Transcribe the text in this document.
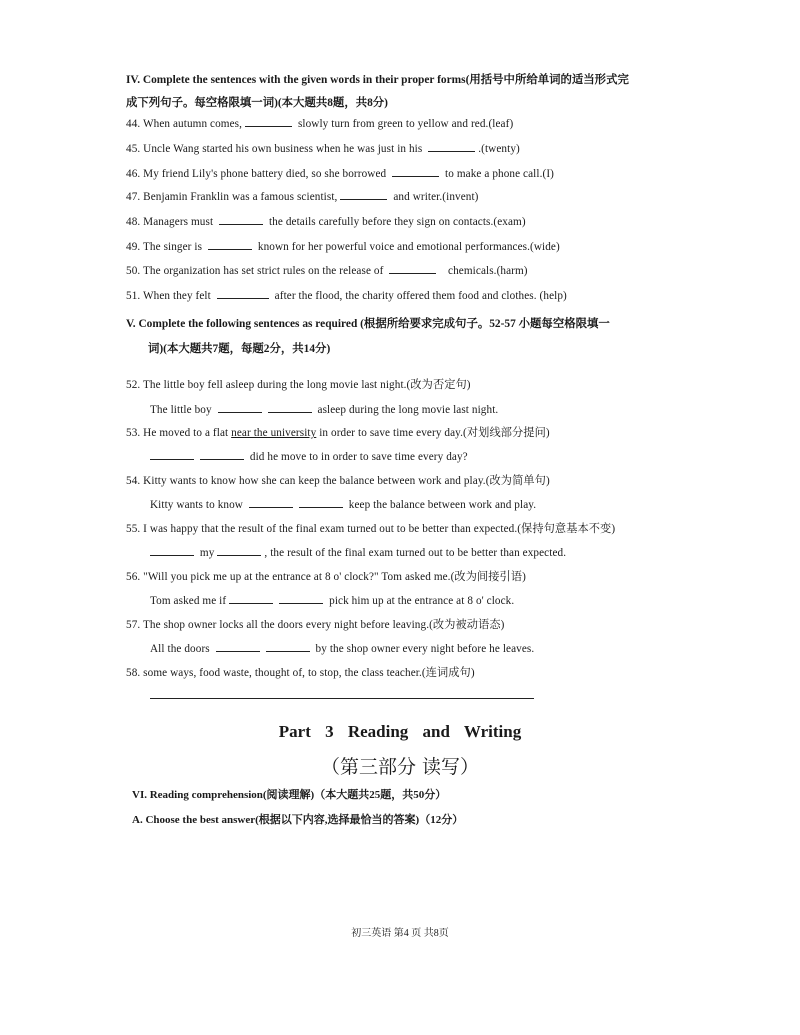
IV. Complete the sentences with the given words in their proper forms(用括号中所给单词的适当形式完
成下列句子。每空格限填一词)(本大题共8题，共8分)
44. When autumn comes,	slowly turn from green to yellow and red.(leaf)
45. Uncle Wang started his own business when he was just in his	.(twenty)
46. My friend Lily's phone battery died, so she borrowed	to make a phone call.(I)
47. Benjamin Franklin was a famous scientist,	and writer.(invent)
48. Managers must	the details carefully before they sign on contacts.(exam)
49. The singer is	known for her powerful voice and emotional performances.(wide)
50. The organization has set strict rules on the release of	chemicals.(harm)
51. When they felt	after the flood, the charity offered them food and clothes. (help)
V. Complete the following sentences as required (根据所给要求完成句子。52-57 小题每空格限填一
词)(本大题共7题，每题2分，共14分)
52. The little boy fell asleep during the long movie last night.(改为否定句)
The little boy	asleep during the long movie last night.
53. He moved to a flat near the university in order to save time every day.(对划线部分提问)
did he move to in order to save time every day?
54. Kitty wants to know how she can keep the balance between work and play.(改为简单句)
Kitty wants to know	keep the balance between work and play.
55. I was happy that the result of the final exam turned out to be better than expected.(保持句意基本不变)
my	, the result of the final exam turned out to be better than expected.
56. "Will you pick me up at the entrance at 8 o' clock?" Tom asked me.(改为间接引语)
Tom asked me if	pick him up at the entrance at 8 o' clock.
57. The shop owner locks all the doors every night before leaving.(改为被动语态)
All the doors	by the shop owner every night before he leaves.
58. some ways, food waste, thought of, to stop, the class teacher.(连词成句)
Part 3 Reading and Writing
（第三部分 读写）
VI. Reading comprehension(阅读理解)（本大题共25题，共50分）
A. Choose the best answer(根据以下内容,选择最恰当的答案)（12分）
初三英语 第4 页 共8页
